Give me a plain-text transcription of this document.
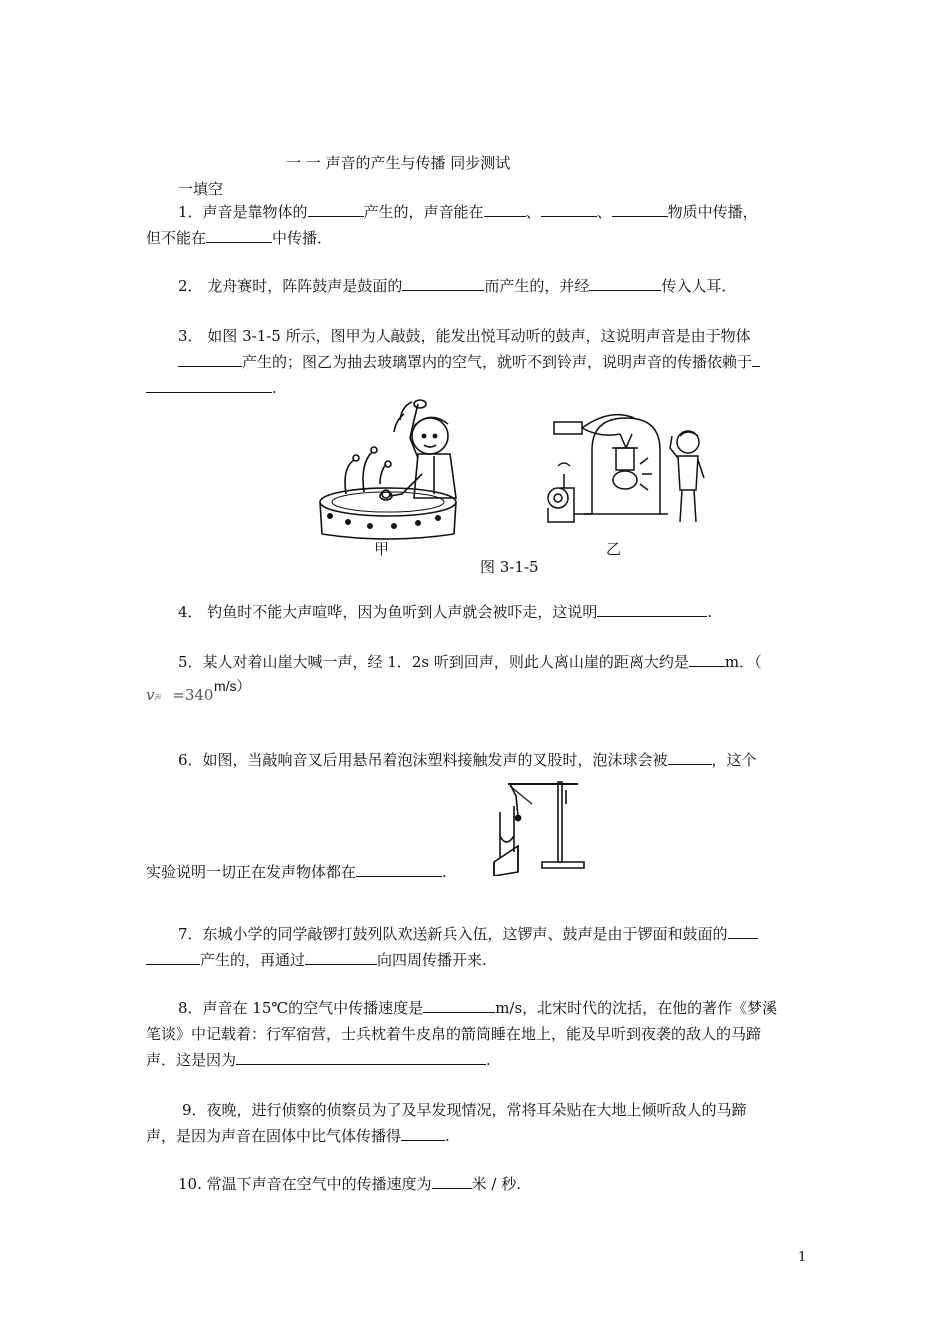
一 一 声音的产生与传播 同步测试
一填空
1．声音是靠物体的	产生的，声音能在	、	、	物质中传播，
但不能在	中传播．
2． 龙舟赛时，阵阵鼓声是鼓面的	而产生的，并经	传入人耳．
3． 如图 3-1-5 所示，图甲为人敲鼓，能发出悦耳动听的鼓声，这说明声音是由于物体
产生的；图乙为抽去玻璃罩内的空气，就听不到铃声，说明声音的传播依赖于
.
甲	乙
图 3-1-5
4． 钓鱼时不能大声喧哗，因为鱼听到人声就会被吓走，这说明	.
5．某人对着山崖大喊一声，经 1．2s 听到回声，则此人离山崖的距离大约是 m．（
v声 =340 m/s）
6．如图，当敲响音叉后用悬吊着泡沫塑料接触发声的叉股时，泡沫球会被	，这个
实验说明一切正在发声物体都在	.
7．东城小学的同学敲锣打鼓列队欢送新兵入伍，这锣声、鼓声是由于锣面和鼓面的
产生的，再通过	向四周传播开来.
8．声音在 15℃的空气中传播速度是	m/s，北宋时代的沈括，在他的著作《梦溪
笔谈》中记载着：行军宿营，士兵枕着牛皮帛的箭筒睡在地上，能及早听到夜袭的敌人的马蹄
声．这是因为	.
9．夜晚，进行侦察的侦察员为了及早发现情况，常将耳朵贴在大地上倾听敌人的马蹄
声，是因为声音在固体中比气体传播得	.
10. 常温下声音在空气中的传播速度为	米 / 秒.
1
